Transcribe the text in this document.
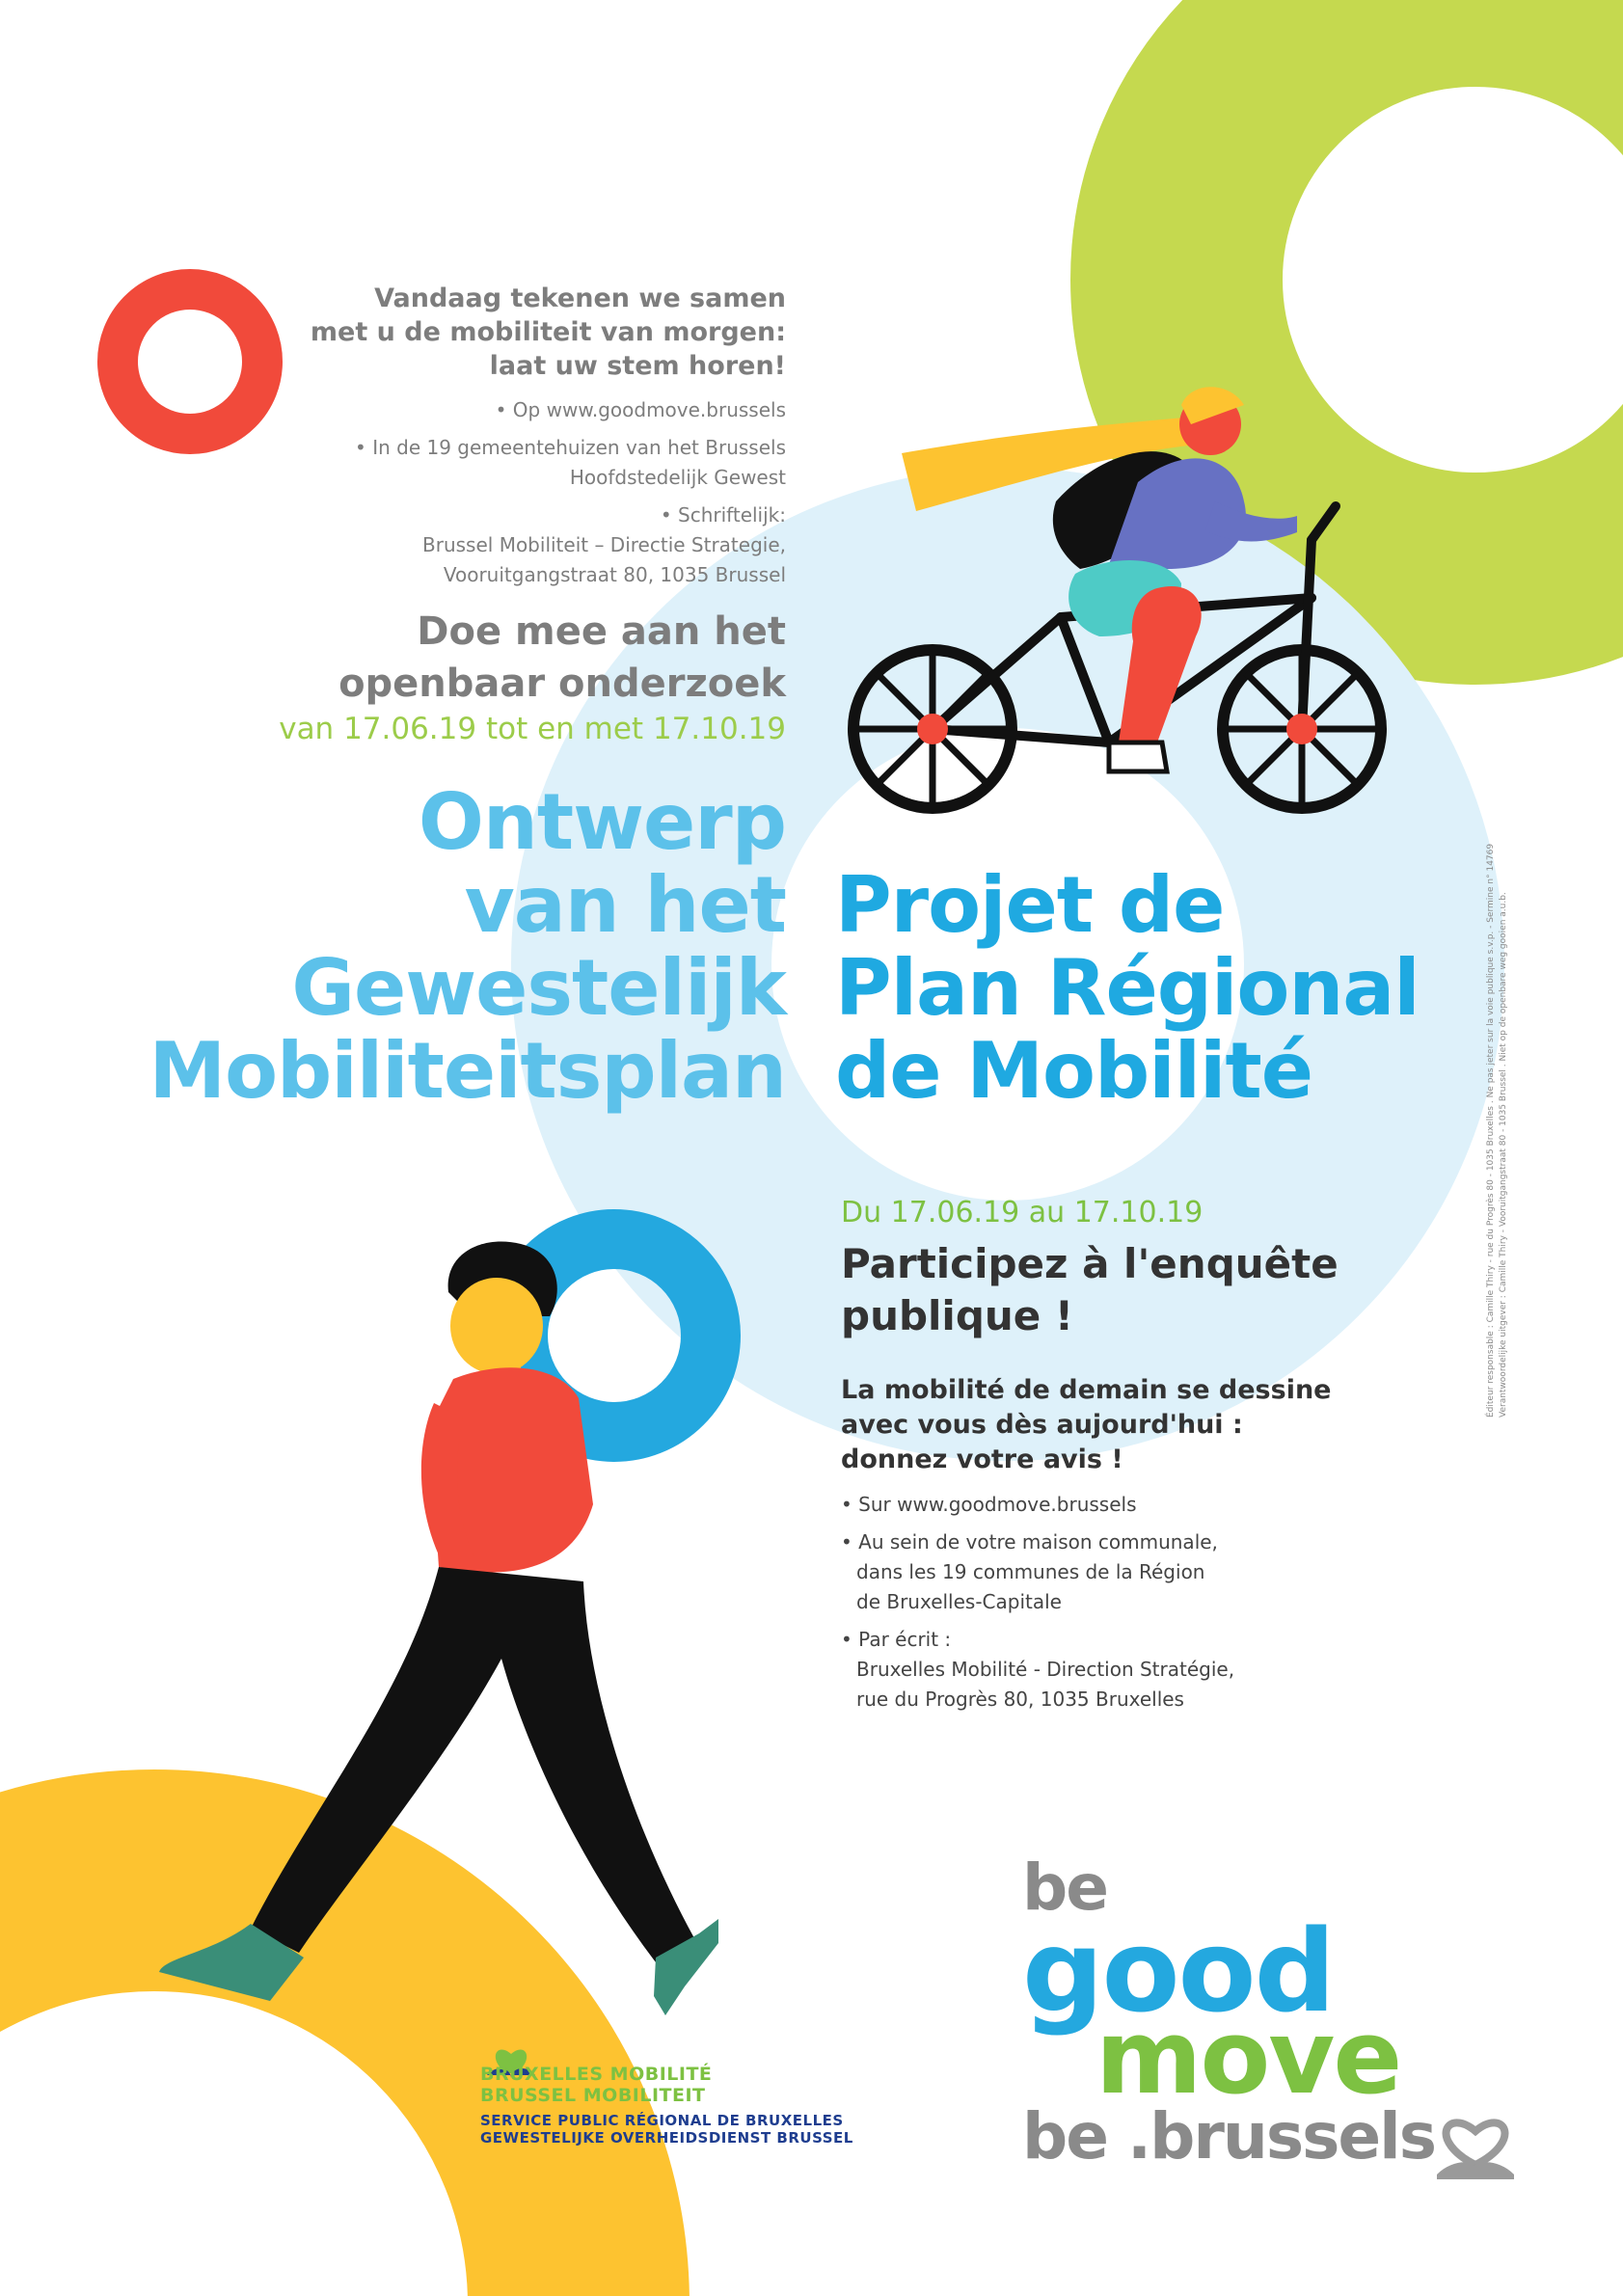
Vandaag tekenen we samen
met u de mobiliteit van morgen:
laat uw stem horen!

• Op www.goodmove.brussels

• In de 19 gemeentehuizen van het Brussels
Hoofdstedelijk Gewest

• Schriftelijk:
Brussel Mobiliteit – Directie Strategie,
Vooruitgangstraat 80, 1035 Brussel

Doe mee aan het
openbaar onderzoek
van 17.06.19 tot en met 17.10.19
Ontwerp
van het
Gewestelijk
Mobiliteitsplan
Projet de
Plan Régional
de Mobilité
Du 17.06.19 au 17.10.19
Participez à l'enquête
publique !
La mobilité de demain se dessine
avec vous dès aujourd'hui :
donnez votre avis !

• Sur www.goodmove.brussels

• Au sein de votre maison communale,
dans les 19 communes de la Région
de Bruxelles-Capitale

• Par écrit :
Bruxelles Mobilité - Direction Stratégie,
rue du Progrès 80, 1035 Bruxelles

Éditeur responsable : Camille Thiry - rue du Progrès 80 - 1035 Bruxelles . Ne pas jeter sur la voie publique s.v.p. - Sermine n° 14769 Verantwoordelijke uitgever : Camille Thiry - Vooruitgangstraat 80 - 1035 Brussel . Niet op de openbare weg gooien a.u.b.
BRUXELLES MOBILITÉ
BRUSSEL MOBILITEIT
SERVICE PUBLIC RÉGIONAL DE BRUXELLES
GEWESTELIJKE OVERHEIDSDIENST BRUSSEL
be
good
move
be .brussels
